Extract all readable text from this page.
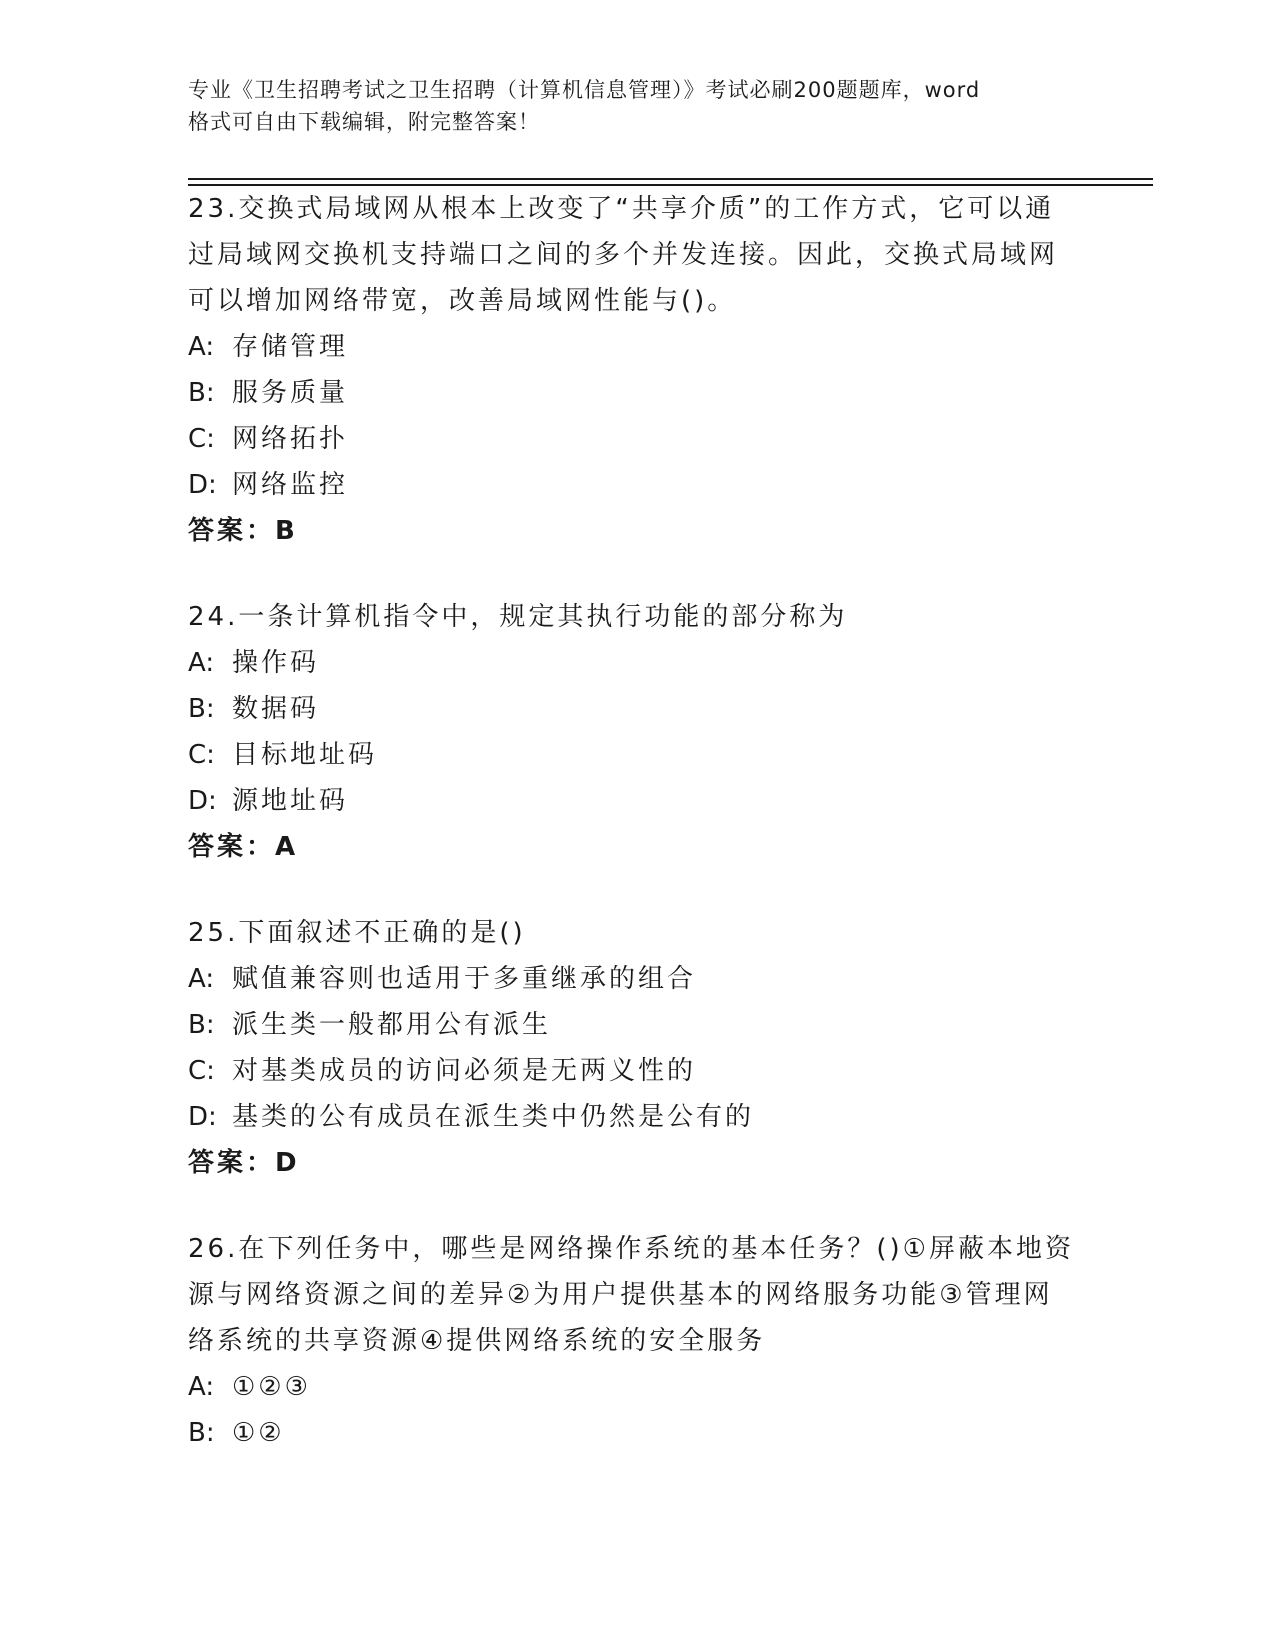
专业《卫生招聘考试之卫生招聘（计算机信息管理）》考试必刷200题题库，word
格式可自由下载编辑，附完整答案！
23.交换式局域网从根本上改变了“共享介质”的工作方式，它可以通
过局域网交换机支持端口之间的多个并发连接。因此，交换式局域网
可以增加网络带宽，改善局域网性能与()。
A: 存储管理
B: 服务质量
C: 网络拓扑
D: 网络监控
答案：B
24.一条计算机指令中，规定其执行功能的部分称为
A: 操作码
B: 数据码
C: 目标地址码
D: 源地址码
答案：A
25.下面叙述不正确的是()
A: 赋值兼容则也适用于多重继承的组合
B: 派生类一般都用公有派生
C: 对基类成员的访问必须是无两义性的
D: 基类的公有成员在派生类中仍然是公有的
答案：D
26.在下列任务中，哪些是网络操作系统的基本任务？()①屏蔽本地资
源与网络资源之间的差异②为用户提供基本的网络服务功能③管理网
络系统的共享资源④提供网络系统的安全服务
A: ①②③
B: ①②
